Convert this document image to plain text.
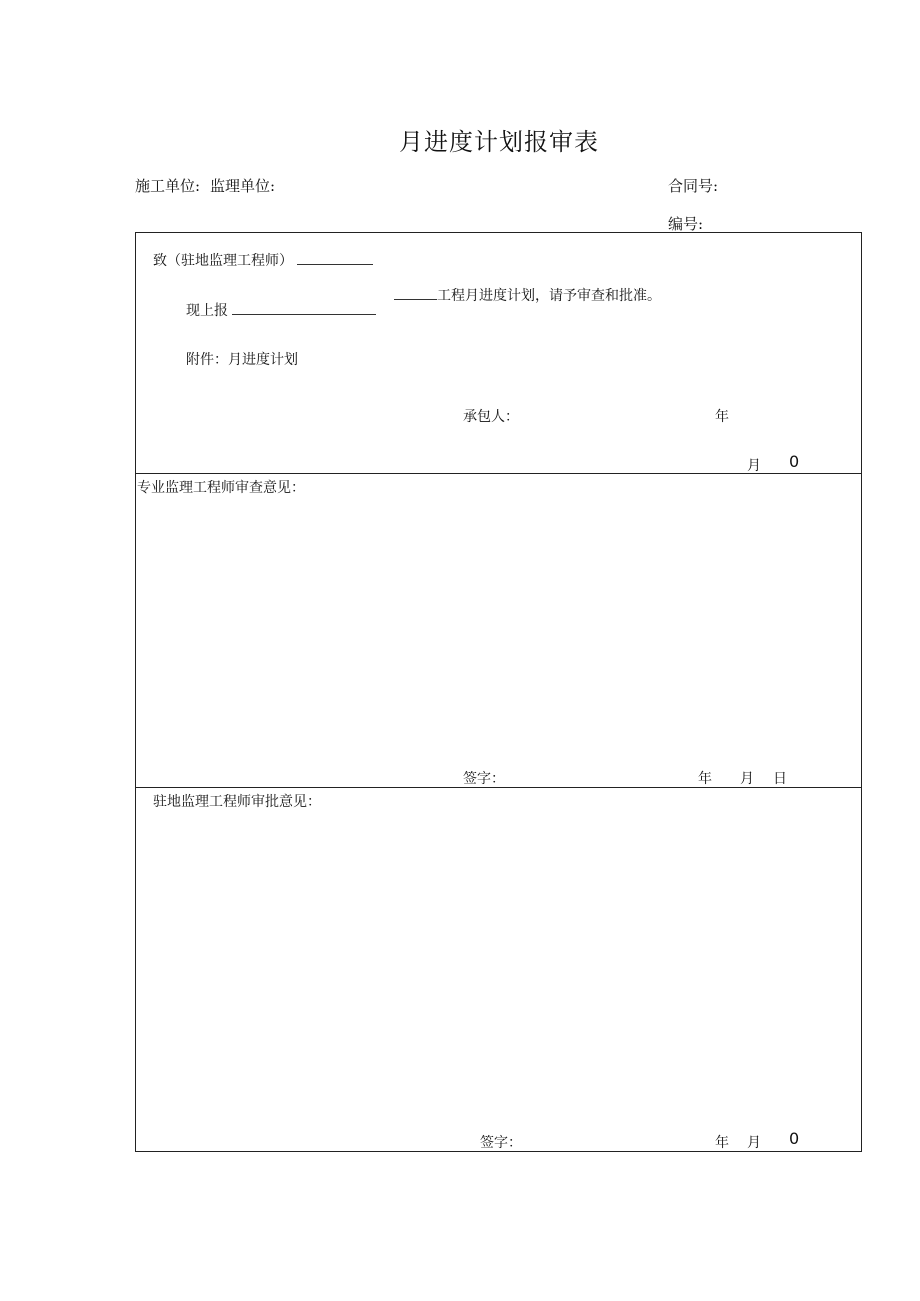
月进度计划报审表
施工单位: 监理单位:	合同号:
编号:
致（驻地监理工程师）
工程月进度计划，请予审查和批准。
现上报
附件：月进度计划
承包人：	年
月 0
专业监理工程师审查意见：
签字：	年 月 日
驻地监理工程师审批意见：
签字：	年 月 0
